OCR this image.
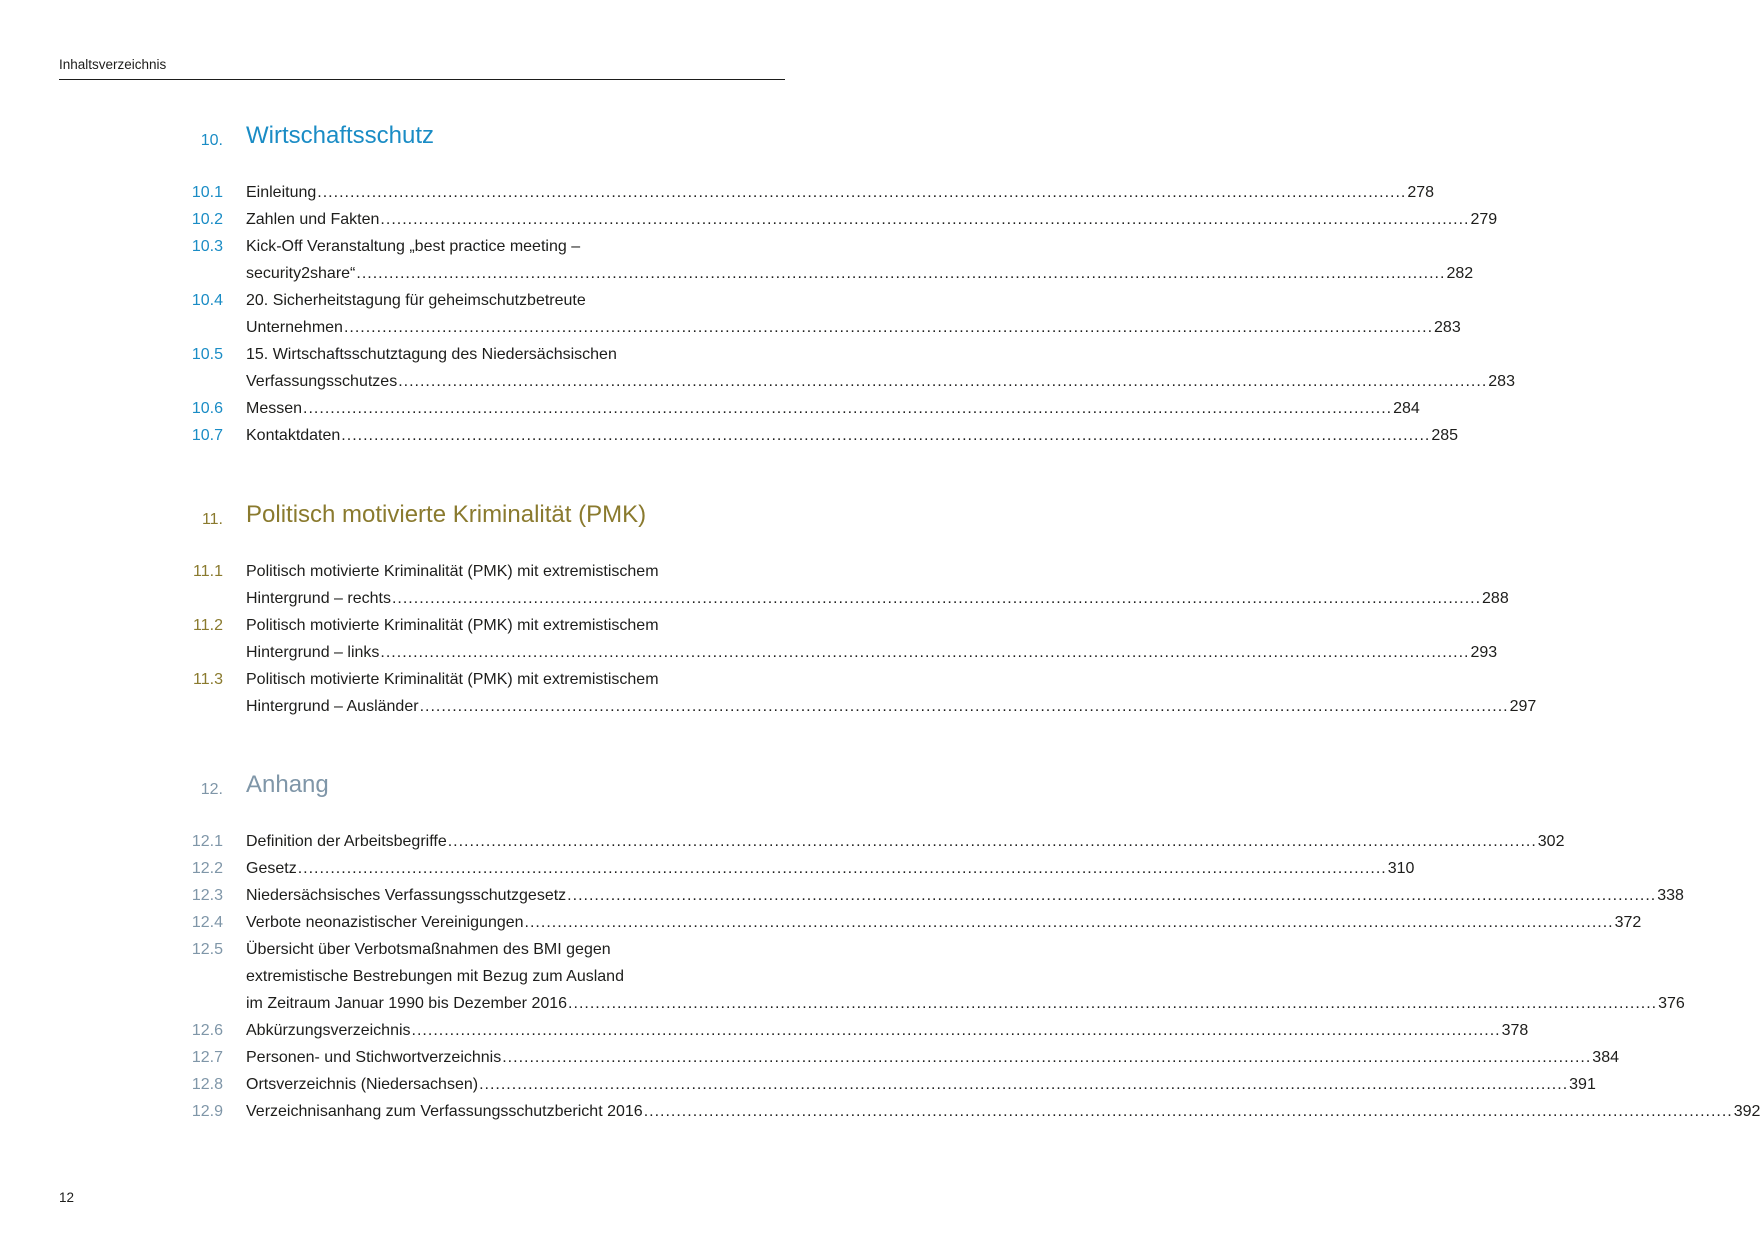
Inhaltsverzeichnis
10. Wirtschaftsschutz
10.1 Einleitung ........................................................................................................................................................................................................ 278
10.2 Zahlen und Fakten ........................................................................................................................................................................................................ 279
10.3 Kick-Off Veranstaltung „best practice meeting –
security2share“ ........................................................................................................................................................................................................ 282
10.4 20. Sicherheitstagung für geheimschutzbetreute
Unternehmen ........................................................................................................................................................................................................ 283
10.5 15. Wirtschaftsschutztagung des Niedersächsischen
Verfassungsschutzes ........................................................................................................................................................................................................ 283
10.6 Messen ........................................................................................................................................................................................................ 284
10.7 Kontaktdaten ........................................................................................................................................................................................................ 285
11. Politisch motivierte Kriminalität (PMK)
11.1 Politisch motivierte Kriminalität (PMK) mit extremistischem
Hintergrund – rechts ........................................................................................................................................................................................................ 288
11.2 Politisch motivierte Kriminalität (PMK) mit extremistischem
Hintergrund – links ........................................................................................................................................................................................................ 293
11.3 Politisch motivierte Kriminalität (PMK) mit extremistischem
Hintergrund – Ausländer ........................................................................................................................................................................................................ 297
12. Anhang
12.1 Definition der Arbeitsbegriffe ........................................................................................................................................................................................................ 302
12.2 Gesetz ........................................................................................................................................................................................................ 310
12.3 Niedersächsisches Verfassungsschutzgesetz ........................................................................................................................................................................................................ 338
12.4 Verbote neonazistischer Vereinigungen ........................................................................................................................................................................................................ 372
12.5 Übersicht über Verbotsmaßnahmen des BMI gegen
extremistische Bestrebungen mit Bezug zum Ausland
im Zeitraum Januar 1990 bis Dezember 2016 ........................................................................................................................................................................................................ 376
12.6 Abkürzungsverzeichnis ........................................................................................................................................................................................................ 378
12.7 Personen- und Stichwortverzeichnis ........................................................................................................................................................................................................ 384
12.8 Ortsverzeichnis (Niedersachsen) ........................................................................................................................................................................................................ 391
12.9 Verzeichnisanhang zum Verfassungsschutzbericht 2016 ........................................................................................................................................................................................................ 392
12
